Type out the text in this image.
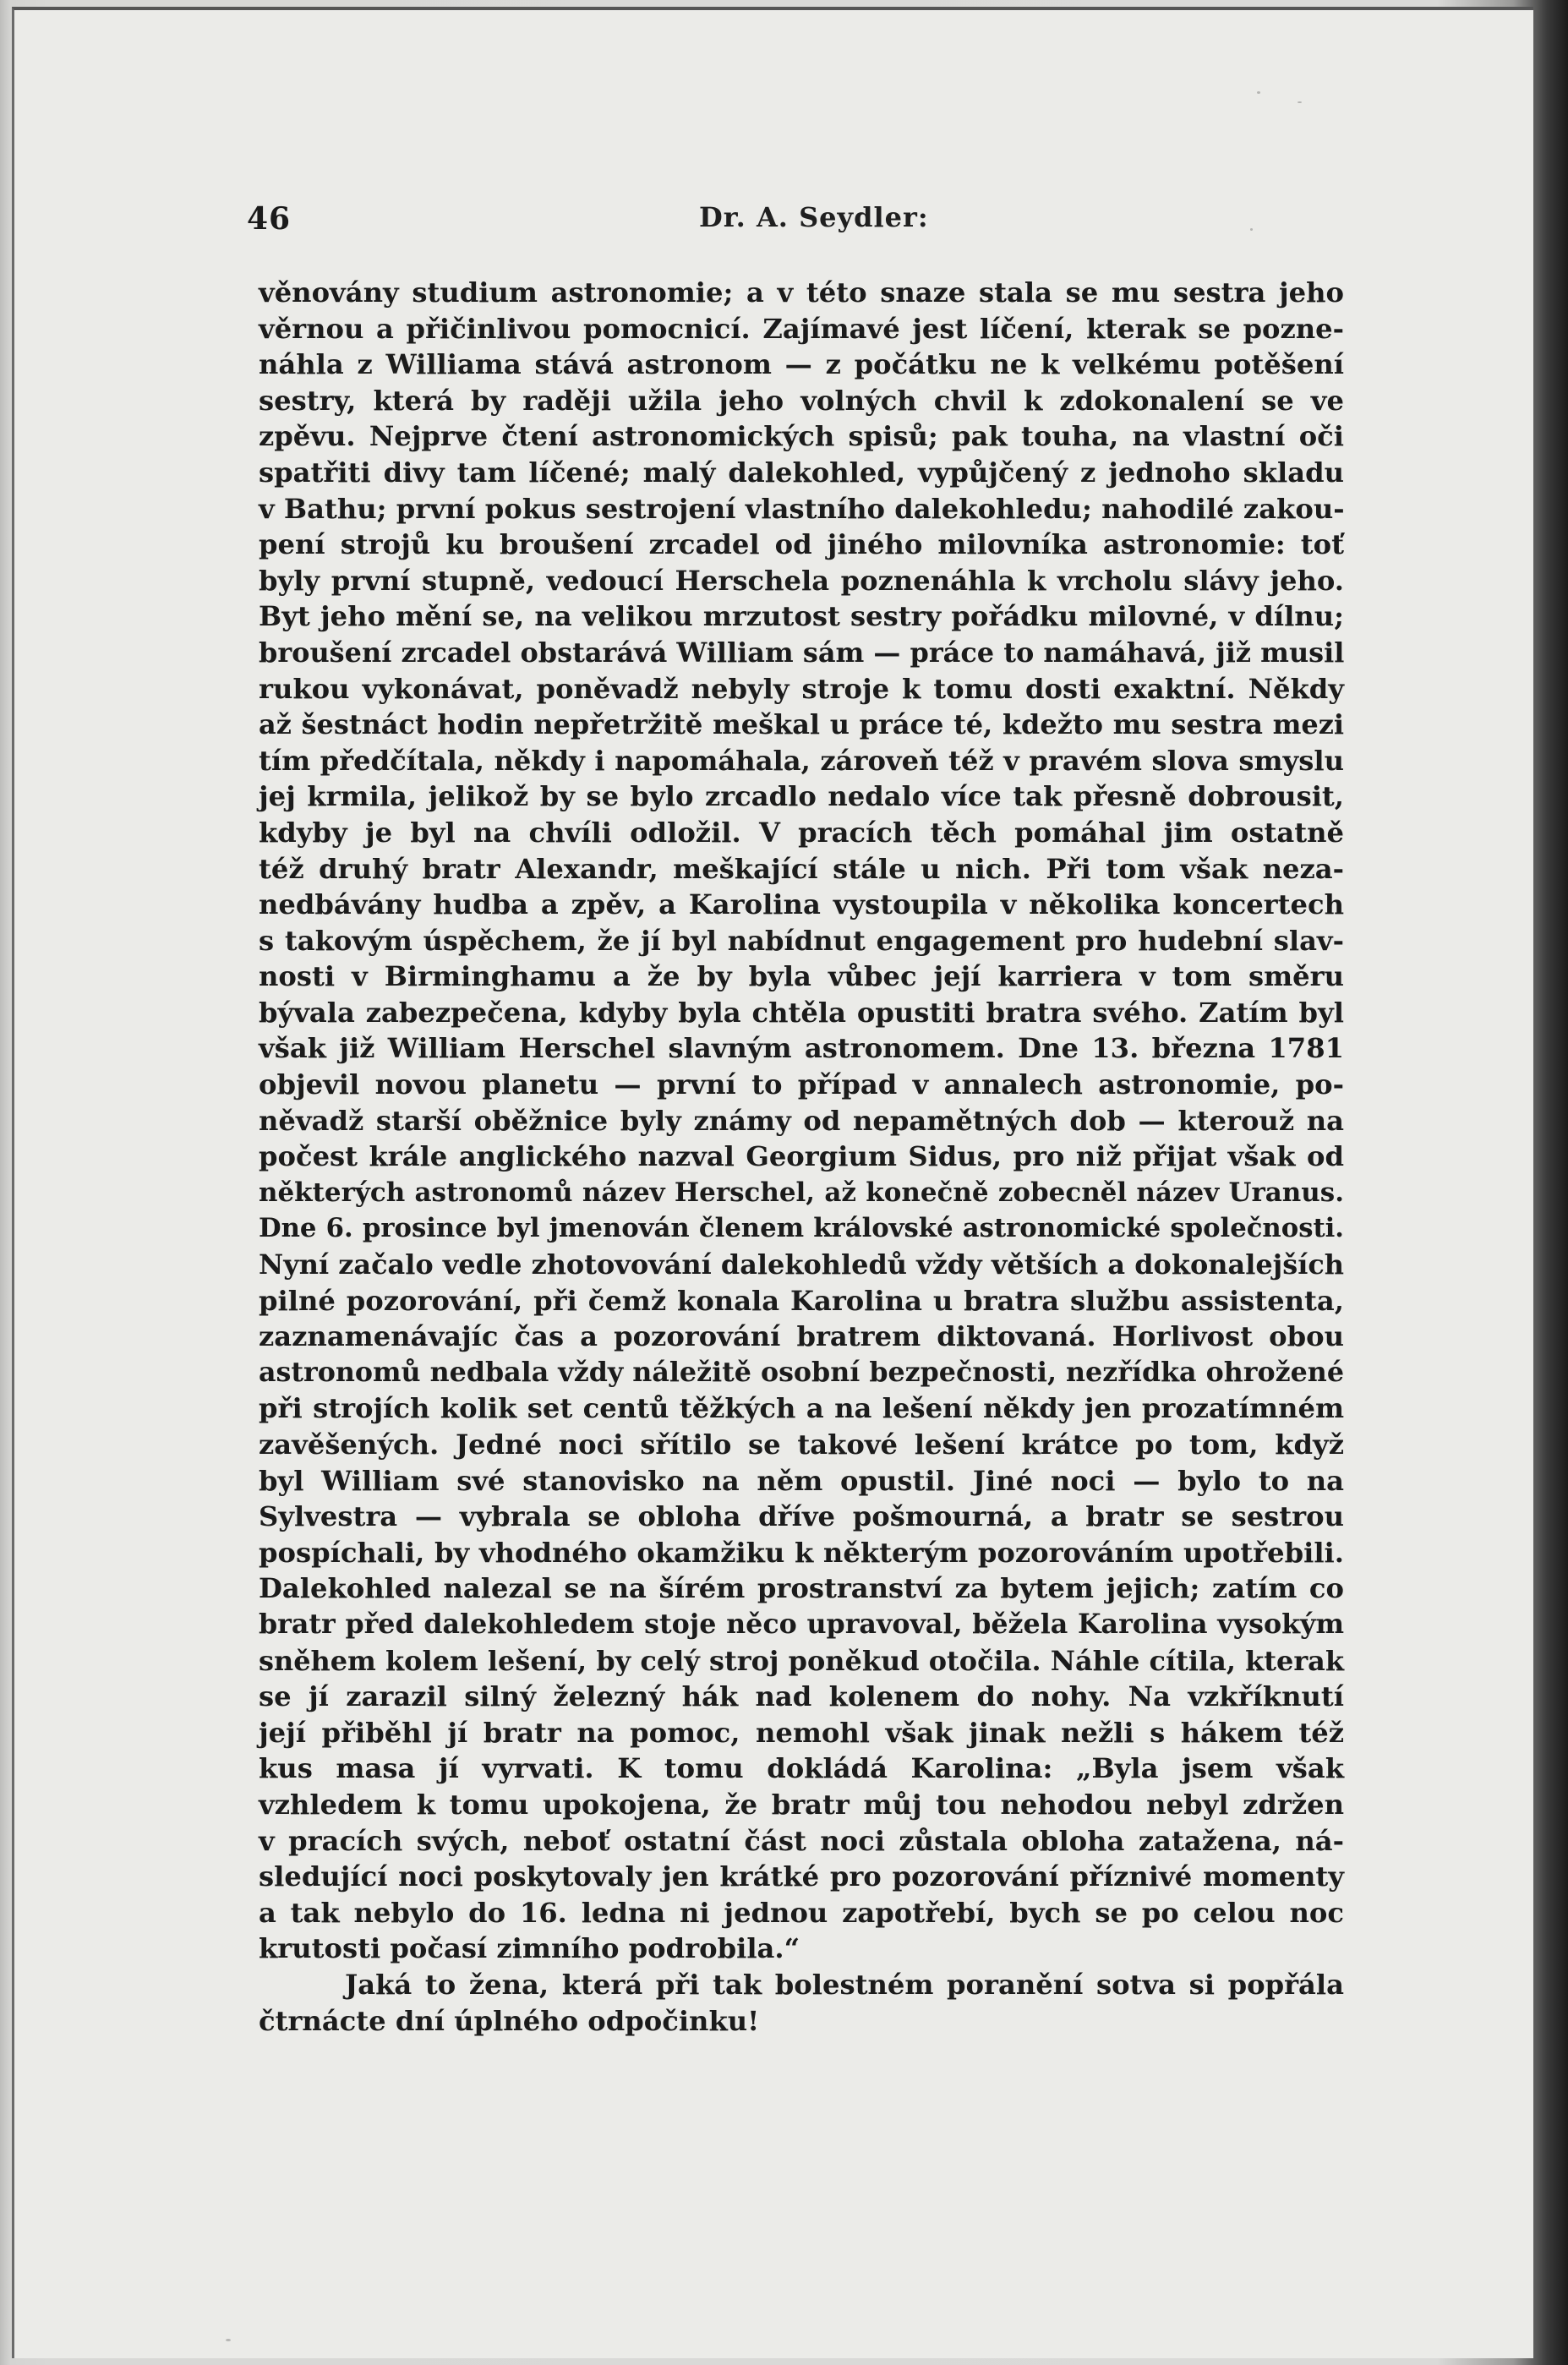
46	Dr. A. Seydler:
věnovány studium astronomie; a v této snaze stala se mu sestra jeho
věrnou a přičinlivou pomocnicí. Zajímavé jest líčení, kterak se pozne-
náhla z Williama stává astronom — z počátku ne k velkému potěšení
sestry, která by raději užila jeho volných chvil k zdokonalení se ve
zpěvu. Nejprve čtení astronomických spisů; pak touha, na vlastní oči
spatřiti divy tam líčené; malý dalekohled, vypůjčený z jednoho skladu
v Bathu; první pokus sestrojení vlastního dalekohledu; nahodilé zakou-
pení strojů ku broušení zrcadel od jiného milovníka astronomie: toť
byly první stupně, vedoucí Herschela poznenáhla k vrcholu slávy jeho.
Byt jeho mění se, na velikou mrzutost sestry pořádku milovné, v dílnu;
broušení zrcadel obstarává William sám — práce to namáhavá, již musil
rukou vykonávat, poněvadž nebyly stroje k tomu dosti exaktní. Někdy
až šestnáct hodin nepřetržitě meškal u práce té, kdežto mu sestra mezi
tím předčítala, někdy i napomáhala, zároveň též v pravém slova smyslu
jej krmila, jelikož by se bylo zrcadlo nedalo více tak přesně dobrousit,
kdyby je byl na chvíli odložil. V pracích těch pomáhal jim ostatně
též druhý bratr Alexandr, meškající stále u nich. Při tom však neza-
nedbávány hudba a zpěv, a Karolina vystoupila v několika koncertech
s takovým úspěchem, že jí byl nabídnut engagement pro hudební slav-
nosti v Birminghamu a že by byla vůbec její karriera v tom směru
bývala zabezpečena, kdyby byla chtěla opustiti bratra svého. Zatím byl
však již William Herschel slavným astronomem. Dne 13. března 1781
objevil novou planetu — první to případ v annalech astronomie, po-
něvadž starší oběžnice byly známy od nepamětných dob — kterouž na
počest krále anglického nazval Georgium Sidus, pro niž přijat však od
některých astronomů název Herschel, až konečně zobecněl název Uranus.
Dne 6. prosince byl jmenován členem královské astronomické společnosti.
Nyní začalo vedle zhotovování dalekohledů vždy větších a dokonalejších
pilné pozorování, při čemž konala Karolina u bratra službu assistenta,
zaznamenávajíc čas a pozorování bratrem diktovaná. Horlivost obou
astronomů nedbala vždy náležitě osobní bezpečnosti, nezřídka ohrožené
při strojích kolik set centů těžkých a na lešení někdy jen prozatímném
zavěšených. Jedné noci sřítilo se takové lešení krátce po tom, když
byl William své stanovisko na něm opustil. Jiné noci — bylo to na
Sylvestra — vybrala se obloha dříve pošmourná, a bratr se sestrou
pospíchali, by vhodného okamžiku k některým pozorováním upotřebili.
Dalekohled nalezal se na šírém prostranství za bytem jejich; zatím co
bratr před dalekohledem stoje něco upravoval, běžela Karolina vysokým
sněhem kolem lešení, by celý stroj poněkud otočila. Náhle cítila, kterak
se jí zarazil silný železný hák nad kolenem do nohy. Na vzkříknutí
její přiběhl jí bratr na pomoc, nemohl však jinak nežli s hákem též
kus masa jí vyrvati. K tomu dokládá Karolina: „Byla jsem však
vzhledem k tomu upokojena, že bratr můj tou nehodou nebyl zdržen
v pracích svých, neboť ostatní část noci zůstala obloha zatažena, ná-
sledující noci poskytovaly jen krátké pro pozorování příznivé momenty
a tak nebylo do 16. ledna ni jednou zapotřebí, bych se po celou noc
krutosti počasí zimního podrobila.“
Jaká to žena, která při tak bolestném poranění sotva si popřála
čtrnácte dní úplného odpočinku!
